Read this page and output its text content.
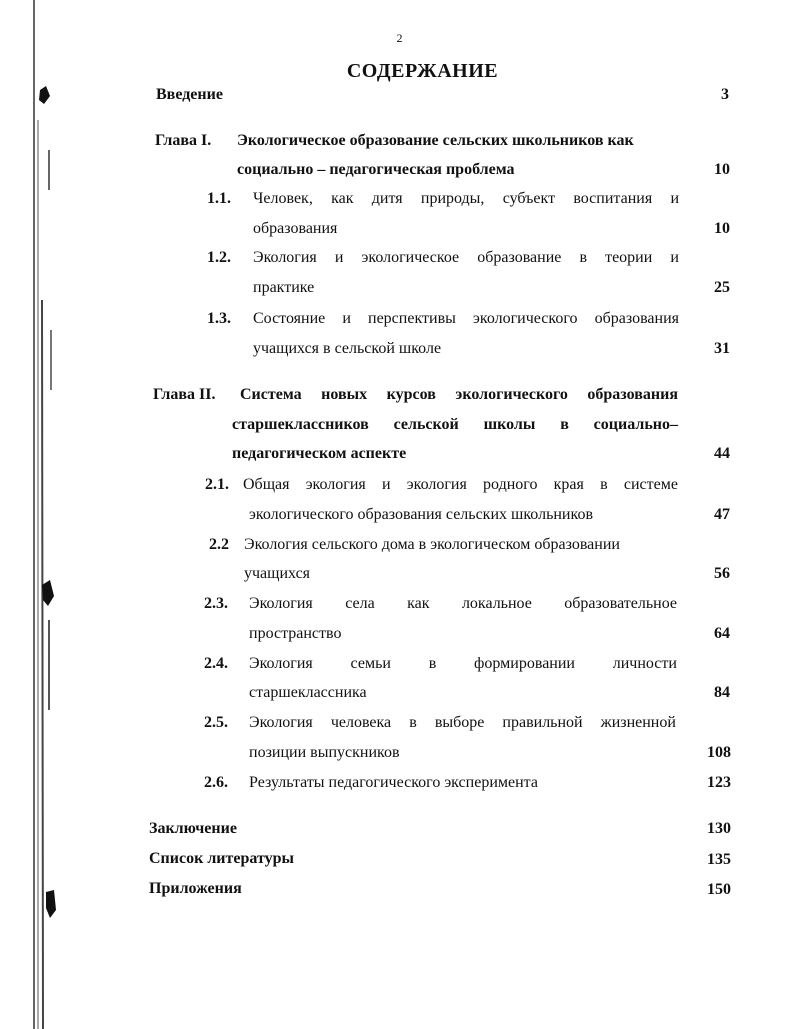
2
СОДЕРЖАНИЕ
Введение	3
Глава I. Экологическое образование сельских школьников как
социально – педагогическая проблема	10
1.1. Человек, как дитя природы, субъект воспитания и
образования	10
1.2. Экология и экологическое образование в теории и
практике	25
1.3. Состояние и перспективы экологического образования
учащихся в сельской школе	31
Глава II. Система новых курсов экологического образования
старшеклассников сельской школы в социально–
педагогическом аспекте	44
2.1. Общая экология и экология родного края в системе
экологического образования сельских школьников	47
2.2 Экология сельского дома в экологическом образовании
учащихся	56
2.3. Экология села как локальное образовательное
пространство	64
2.4. Экология семьи в формировании личности
старшеклассника	84
2.5. Экология человека в выборе правильной жизненной
позиции выпускников	108
2.6. Результаты педагогического эксперимента	123
Заключение	130
Список литературы	135
Приложения	150
